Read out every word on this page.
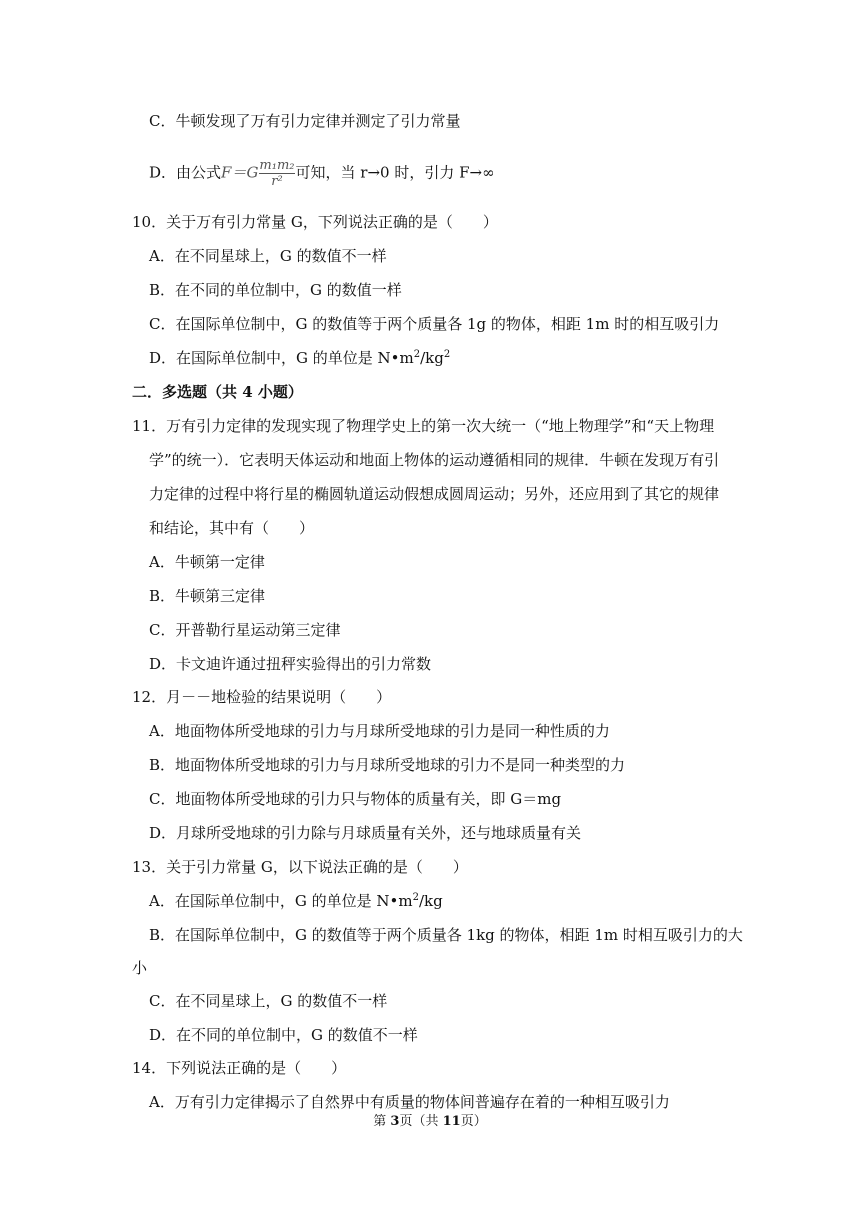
C．牛顿发现了万有引力定律并测定了引力常量
D．由公式$F=G \frac{\text{m₁m₂}}{\text{r²}}$ 可知，当 r→0 时，引力 F→∞
10．关于万有引力常量 G，下列说法正确的是（　　）
A．在不同星球上，G 的数值不一样
B．在不同的单位制中，G 的数值一样
C．在国际单位制中，G 的数值等于两个质量各 1g 的物体，相距 1m 时的相互吸引力
D．在国际单位制中，G 的单位是 $N•m^2/kg^2$
二．多选题（共 4 小题）
11．万有引力定律的发现实现了物理学史上的第一次大统一（“地上物理学”和“天上物理
学”的统一）．它表明天体运动和地面上物体的运动遵循相同的规律．牛顿在发现万有引
力定律的过程中将行星的椭圆轨道运动假想成圆周运动；另外，还应用到了其它的规律
和结论，其中有（　　）
A．牛顿第一定律
B．牛顿第三定律
C．开普勒行星运动第三定律
D．卡文迪许通过扭秤实验得出的引力常数
12．月－－地检验的结果说明（　　）
A．地面物体所受地球的引力与月球所受地球的引力是同一种性质的力
B．地面物体所受地球的引力与月球所受地球的引力不是同一种类型的力
C．地面物体所受地球的引力只与物体的质量有关，即 G＝mg
D．月球所受地球的引力除与月球质量有关外，还与地球质量有关
13．关于引力常量 G，以下说法正确的是（　　）
A．在国际单位制中，G 的单位是 $N•m^2/kg$
B．在国际单位制中，G 的数值等于两个质量各 1kg 的物体，相距 1m 时相互吸引力的大
小
C．在不同星球上，G 的数值不一样
D．在不同的单位制中，G 的数值不一样
14．下列说法正确的是（　　）
A．万有引力定律揭示了自然界中有质量的物体间普遍存在着的一种相互吸引力
第 3页（共 11页）
